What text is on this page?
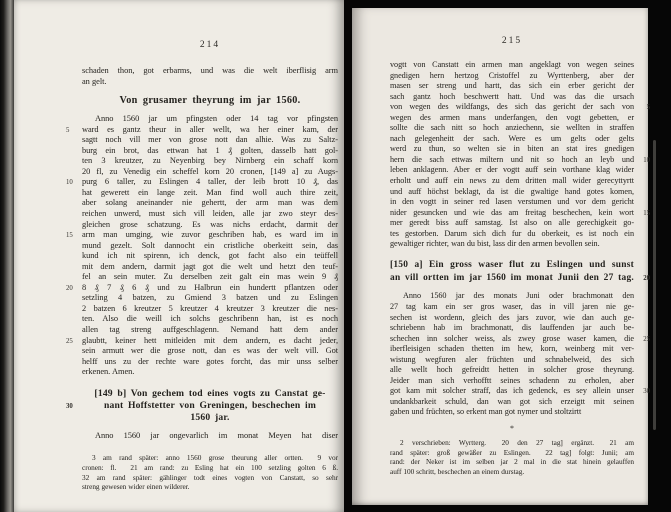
214
schaden thon, got erbarms, und was die welt iberflisig arm
an gelt.
Von grusamer theyrung im jar 1560.
Anno 1560 jar um pfingsten oder 14 tag vor pfingsten
5 ward es gantz theur in aller wellt, wa her einer kam, der
sagtt noch vill mer von grose nott dan alhie. Was zu Saltz-
burg ein brot, das ettwan hat 1 ₰ golten, dasselb hatt gol-
ten 3 kreutzer, zu Neyenbirg bey Nirnberg ein schaff korn
20 fl, zu Venedig ein scheffel korn 20 cronen, [149 a] zu Augs-
10 purg 6 taller, zu Eslingen 4 taller, der leib brott 10 ₰, das
hat gewerett ein lange zeit. Man find woll auch thire zeit,
aber solang aneinander nie gehertt, der arm man was dem
reichen unwerd, must sich vill leiden, alle jar zwo steyr des-
gleichen grose schatzung. Es was nichs erdacht, darmit der
15 arm man umging, wie zuvor geschriben hab, es ward im in
mund gezelt. Solt dannocht ein cristliche oberkeitt sein, das
kund ich nit spirenn, ich denck, got facht also ein teüffell
mit dem andern, darmit jagt got die welt und hetzt den teuf-
fel an sein muter. Zu derselben zeit galt ein mas wein 9 ₰
20 8 ₰ 7 ₰ 6 ₰ und zu Halbrun ein hundertt pflantzen oder
setzling 4 batzen, zu Gmiend 3 batzen und zu Eslingen
2 batzen 6 kreutzer 5 kreutzer 4 kreutzer 3 kreutzer die nes-
ten. Also die weill ich solchs geschribenn han, ist es noch
allen tag streng auffgeschlagenn. Nemand hatt dem ander
25 glaubtt, keiner hett mitleiden mit dem andern, es dacht jeder,
sein armutt wer die grose nott, dan es was der welt vill. Got
helff uns zu der rechte ware gotes forcht, das mir unss selber
erkenen. Amen.
[149 b] Von gechem tod eines vogts zu Canstat ge-
30	nant Hoffstetter von Greningen, beschechen im
1560 jar.
Anno 1560 jar ongevarlich im monat Meyen hat diser
3 am rand später: anno 1560 grose theurung aller ortten.   9 vor
cronen: fl.   21 am rand: zu Esling hat ein 100 setzling golten 6 ß.
32 am rand später: gählinger todt eines vogten von Canstatt, so sehr
streng gewesen wider einen wilderer.
215
vogtt von Canstatt ein armen man angeklagt von wegen seines
gnedigen hern hertzog Cristoffel zu Wyrttenberg, aber der
masen ser streng und hartt, das sich ein erber gericht der
sach gantz hoch beschwertt hatt. Und was das die ursach
5
von wegen des wildfangs, des sich das gericht der sach von
wegen des armen mans underfangen, den vogt gebetten, er
sollte die sach nitt so hoch anziechenn, sie wellten in straffen
nach gelegenheitt der sach. Were es um gelts oder gelts
werd zu thun, so welten sie in biten an stat ires gnedigen
10
hern die sach ettwas miltern und nit so hoch an leyb und
leben anklagenn. Aber er der vogtt auff sein vorthane klag wider
erholtt und auff ein news zu dem dritten mall wider gerecyttyrtt
und auff höchst beklagt, da ist die gwaltige hand gotes komen,
in den vogtt in seiner red lasen verstumen und vor dem gericht
15
nider gesuncken und wie das am freitag beschechen, kein wort
mer geredt biss auff samstag. Ist also on alle gerechigkeit go-
tes gestorben. Darum sich dich fur du oberkeit, es ist noch ein
gewaltiger richter, wan du bist, lass dir den armen bevollen sein.
[150 a] Ein gross waser flut zu Eslingen und sunst
20
an vill ortten im jar 1560 im monat Junii den 27 tag.
Anno 1560 jar des monats Juni oder brachmonatt den
27 tag kam ein ser gros waser, das in vill jaren nie ge-
sechen ist wordenn, gleich des jars zuvor, wie dan auch ge-
schriebenn hab im brachmonatt, dis lauffenden jar auch be-
25
schechen inn solcher weiss, als zwey grose waser kamen, die
iberfleisigen schaden thetten im hew, korn, weinberg mit ver-
wistung wegfuren aler früchten und schnabelweid, des sich
alle wellt hoch gefreidtt hetten in solcher grose theyrung.
Jeider man sich verhofftt seines schadenn zu erholen, aber
30
got kam mit solcher straff, das ich gedenck, es sey allein unser
undankbarkeit schuld, dan wan got sich erzeigtt mit seinen
gaben und früchten, so erkent man got nymer und stoltzirtt
*
2 verschrieben: Wyrtterg.   20 den 27 tag] ergänzt.   21 am
rand später: groß gewäßer zu Eslingen.   22 tag] folgt: Junii; am
rand: der Neker ist im selben jar 2 mal in die stat hinein gelauffen
auff 100 schritt, beschechen an einem durstag.
